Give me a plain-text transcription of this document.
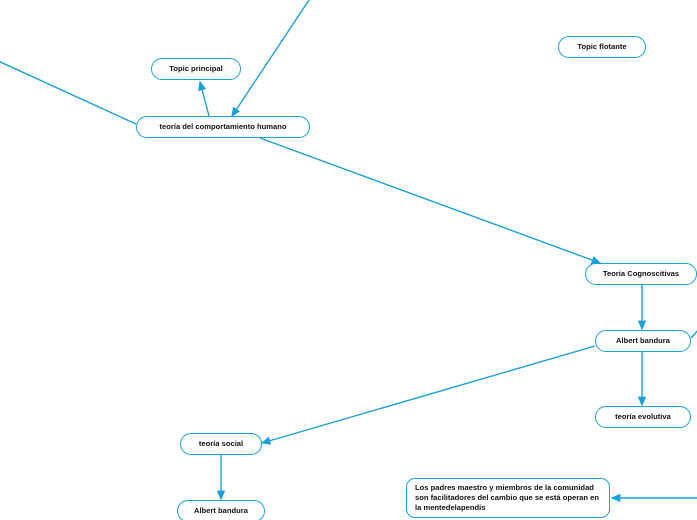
Topic flotante
Topic principal
teoría del comportamiento humano
Teoria Cognoscitivas
Albert bandura
teoría evolutiva
teoría social
Albert bandura
Los padres maestro y miembros de la comunidad son facilitadores del cambio que se está operan en la mentedelapendis
